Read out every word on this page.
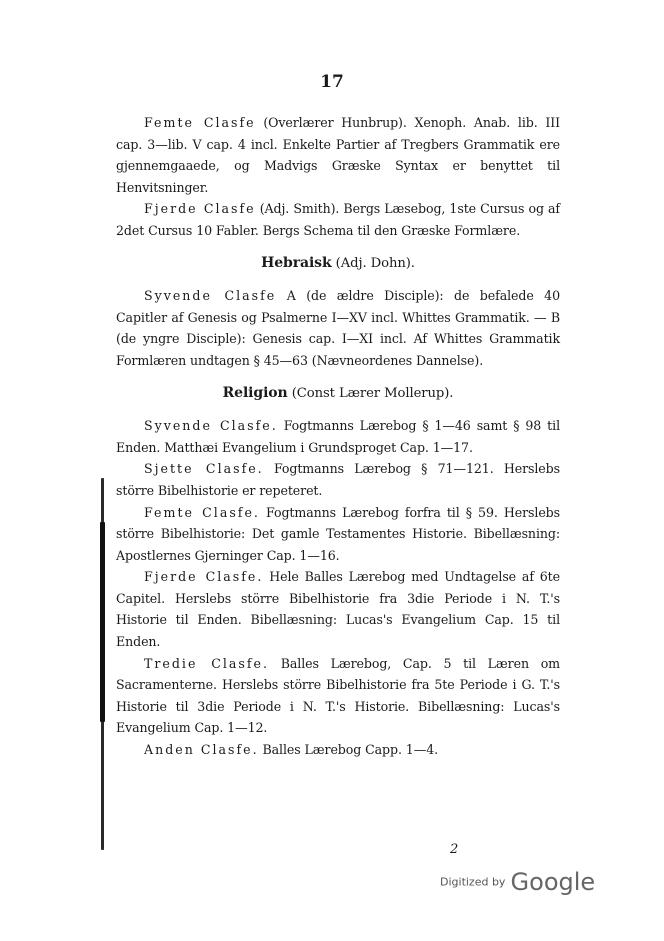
17

Femte Clasfe (Overlærer Hunbrup). Xenoph. Anab. lib. III cap. 3—lib. V cap. 4 incl. Enkelte Partier af Tregbers Grammatik ere gjennemgaaede, og Madvigs Græske Syntax er benyttet til Henvitsninger.

Fjerde Clasfe (Adj. Smith). Bergs Læsebog, 1ste Cursus og af 2det Cursus 10 Fabler. Bergs Schema til den Græske Formlære.

Hebraisk (Adj. Dohn).

Syvende Clasfe A (de ældre Disciple): de befalede 40 Capitler af Genesis og Psalmerne I—XV incl. Whittes Grammatik. — B (de yngre Disciple): Genesis cap. I—XI incl. Af Whittes Grammatik Formlæren undtagen § 45—63 (Nævneordenes Dannelse).

Religion (Const Lærer Mollerup).

Syvende Clasfe. Fogtmanns Lærebog § 1—46 samt § 98 til Enden. Matthæi Evangelium i Grundsproget Cap. 1—17.

Sjette Clasfe. Fogtmanns Lærebog § 71—121. Herslebs större Bibelhistorie er repeteret.

Femte Clasfe. Fogtmanns Lærebog forfra til § 59. Herslebs större Bibelhistorie: Det gamle Testamentes Historie. Bibellæsning: Apostlernes Gjerninger Cap. 1—16.

Fjerde Clasfe. Hele Balles Lærebog med Undtagelse af 6te Capitel. Herslebs större Bibelhistorie fra 3die Periode i N. T.'s Historie til Enden. Bibellæsning: Lucas's Evangelium Cap. 15 til Enden.

Tredie Clasfe. Balles Lærebog, Cap. 5 til Læren om Sacramenterne. Herslebs större Bibelhistorie fra 5te Periode i G. T.'s Historie til 3die Periode i N. T.'s Historie. Bibellæsning: Lucas's Evangelium Cap. 1—12.

Anden Clasfe. Balles Lærebog Capp. 1—4.

2
Digitized by Google
